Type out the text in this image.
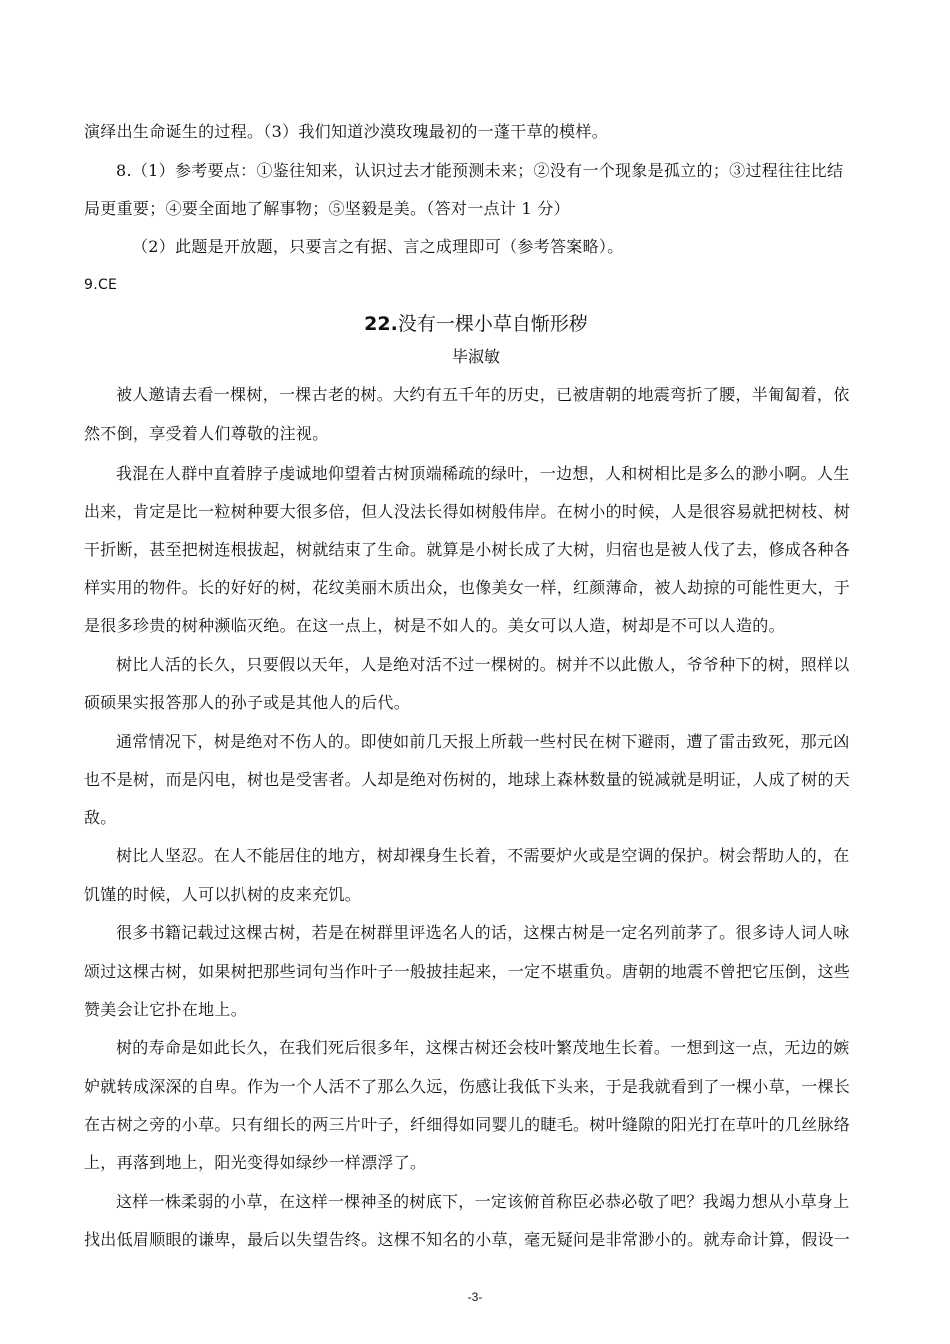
演绎出生命诞生的过程。（3）我们知道沙漠玫瑰最初的一蓬干草的模样。
8.（1）参考要点：①鉴往知来，认识过去才能预测未来；②没有一个现象是孤立的；③过程往往比结
局更重要；④要全面地了解事物；⑤坚毅是美。（答对一点计 1 分）
（2）此题是开放题，只要言之有据、言之成理即可（参考答案略）。
9.CE
22.没有一棵小草自惭形秽
毕淑敏
被人邀请去看一棵树，一棵古老的树。大约有五千年的历史，已被唐朝的地震弯折了腰，半匍匐着，依
然不倒，享受着人们尊敬的注视。
我混在人群中直着脖子虔诚地仰望着古树顶端稀疏的绿叶，一边想，人和树相比是多么的渺小啊。人生
出来，肯定是比一粒树种要大很多倍，但人没法长得如树般伟岸。在树小的时候，人是很容易就把树枝、树
干折断，甚至把树连根拔起，树就结束了生命。就算是小树长成了大树，归宿也是被人伐了去，修成各种各
样实用的物件。长的好好的树，花纹美丽木质出众，也像美女一样，红颜薄命，被人劫掠的可能性更大，于
是很多珍贵的树种濒临灭绝。在这一点上，树是不如人的。美女可以人造，树却是不可以人造的。
树比人活的长久，只要假以天年，人是绝对活不过一棵树的。树并不以此傲人，爷爷种下的树，照样以
硕硕果实报答那人的孙子或是其他人的后代。
通常情况下，树是绝对不伤人的。即使如前几天报上所载一些村民在树下避雨，遭了雷击致死，那元凶
也不是树，而是闪电，树也是受害者。人却是绝对伤树的，地球上森林数量的锐减就是明证，人成了树的天
敌。
树比人坚忍。在人不能居住的地方，树却裸身生长着，不需要炉火或是空调的保护。树会帮助人的，在
饥馑的时候，人可以扒树的皮来充饥。
很多书籍记载过这棵古树，若是在树群里评选名人的话，这棵古树是一定名列前茅了。很多诗人词人咏
颂过这棵古树，如果树把那些词句当作叶子一般披挂起来，一定不堪重负。唐朝的地震不曾把它压倒，这些
赞美会让它扑在地上。
树的寿命是如此长久，在我们死后很多年，这棵古树还会枝叶繁茂地生长着。一想到这一点，无边的嫉
妒就转成深深的自卑。作为一个人活不了那么久远，伤感让我低下头来，于是我就看到了一棵小草，一棵长
在古树之旁的小草。只有细长的两三片叶子，纤细得如同婴儿的睫毛。树叶缝隙的阳光打在草叶的几丝脉络
上，再落到地上，阳光变得如绿纱一样漂浮了。
这样一株柔弱的小草，在这样一棵神圣的树底下，一定该俯首称臣必恭必敬了吧？我竭力想从小草身上
找出低眉顺眼的谦卑，最后以失望告终。这棵不知名的小草，毫无疑问是非常渺小的。就寿命计算，假设一
-3-
